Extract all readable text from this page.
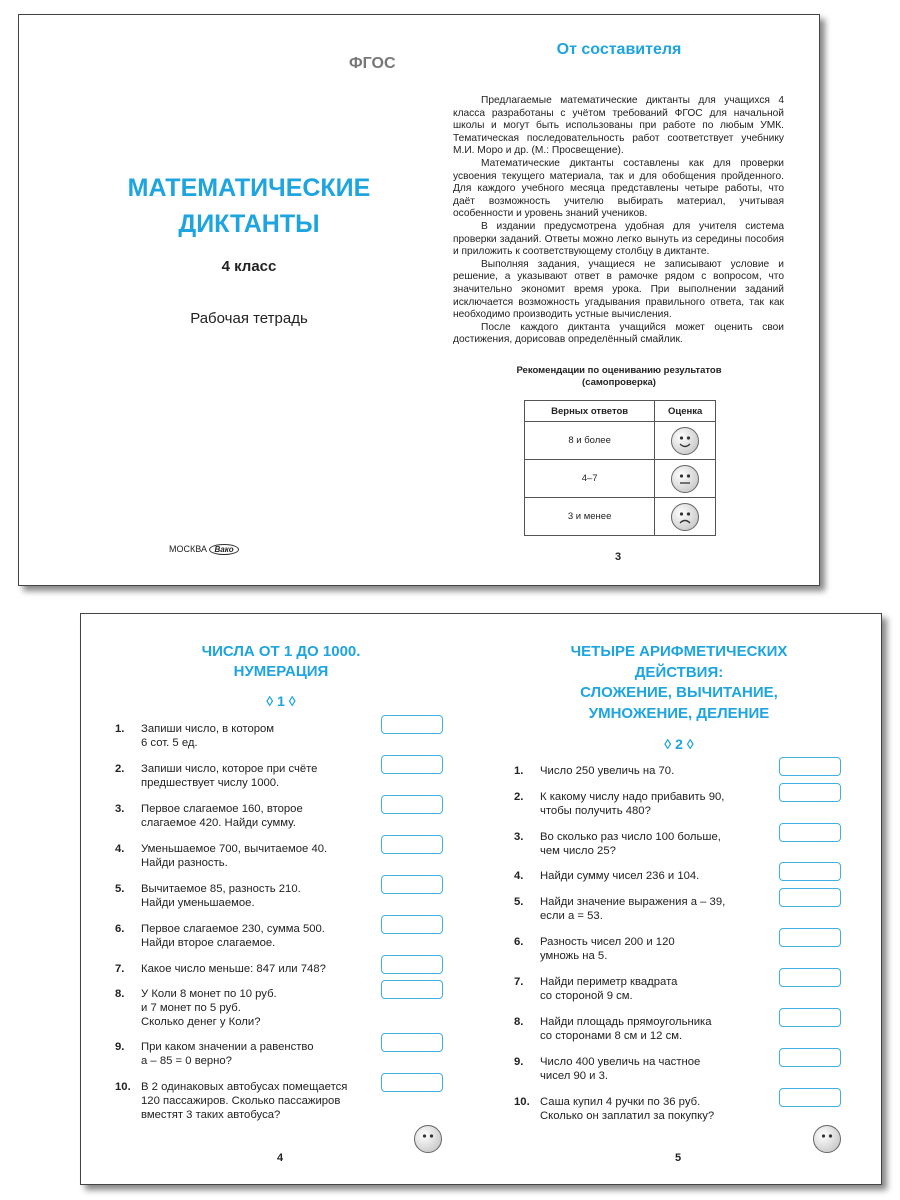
ФГОС
МАТЕМАТИЧЕСКИЕ
ДИКТАНТЫ
4 класс
Рабочая тетрадь
МОСКВА Вако
От составителя

Предлагаемые математические диктанты для учащихся 4 класса разработаны с учётом требований ФГОС для начальной школы и могут быть использованы при работе по любым УМК. Тематическая последовательность работ соответствует учебнику М.И. Моро и др. (М.: Просвещение).

Математические диктанты составлены как для проверки усвоения текущего материала, так и для обобщения пройденного. Для каждого учебного месяца представлены четыре работы, что даёт возможность учителю выбирать материал, учитывая особенности и уровень знаний учеников.

В издании предусмотрена удобная для учителя система проверки заданий. Ответы можно легко вынуть из середины пособия и приложить к соответствующему столбцу в диктанте.

Выполняя задания, учащиеся не записывают условие и решение, а указывают ответ в рамочке рядом с вопросом, что значительно экономит время урока. При выполнении заданий исключается возможность угадывания правильного ответа, так как необходимо производить устные вычисления.

После каждого диктанта учащийся может оценить свои достижения, дорисовав определённый смайлик.

Рекомендации по оцениванию результатов
(самопроверка)
Верных ответов	Оценка
8 и более	

4–7	

3 и менее	
3
ЧИСЛА ОТ 1 ДО 1000.
НУМЕРАЦИЯ
◊ 1 ◊
1. Запиши число, в котором
6 сот. 5 ед.
2. Запиши число, которое при счёте
предшествует числу 1000.
3. Первое слагаемое 160, второе
слагаемое 420. Найди сумму.
4. Уменьшаемое 700, вычитаемое 40.
Найди разность.
5. Вычитаемое 85, разность 210.
Найди уменьшаемое.
6. Первое слагаемое 230, сумма 500.
Найди второе слагаемое.
7. Какое число меньше: 847 или 748?
8. У Коли 8 монет по 10 руб.
и 7 монет по 5 руб.
Сколько денег у Коли?
9. При каком значении а равенство
а – 85 = 0 верно?
10. В 2 одинаковых автобусах помещается
120 пассажиров. Сколько пассажиров
вместят 3 таких автобуса?
4
ЧЕТЫРЕ АРИФМЕТИЧЕСКИХ
ДЕЙСТВИЯ:
СЛОЖЕНИЕ, ВЫЧИТАНИЕ,
УМНОЖЕНИЕ, ДЕЛЕНИЕ
◊ 2 ◊
1. Число 250 увеличь на 70.
2. К какому числу надо прибавить 90,
чтобы получить 480?
3. Во сколько раз число 100 больше,
чем число 25?
4. Найди сумму чисел 236 и 104.
5. Найди значение выражения а – 39,
если а = 53.
6. Разность чисел 200 и 120
умножь на 5.
7. Найди периметр квадрата
со стороной 9 см.
8. Найди площадь прямоугольника
со сторонами 8 см и 12 см.
9. Число 400 увеличь на частное
чисел 90 и 3.
10. Саша купил 4 ручки по 36 руб.
Сколько он заплатил за покупку?
5
